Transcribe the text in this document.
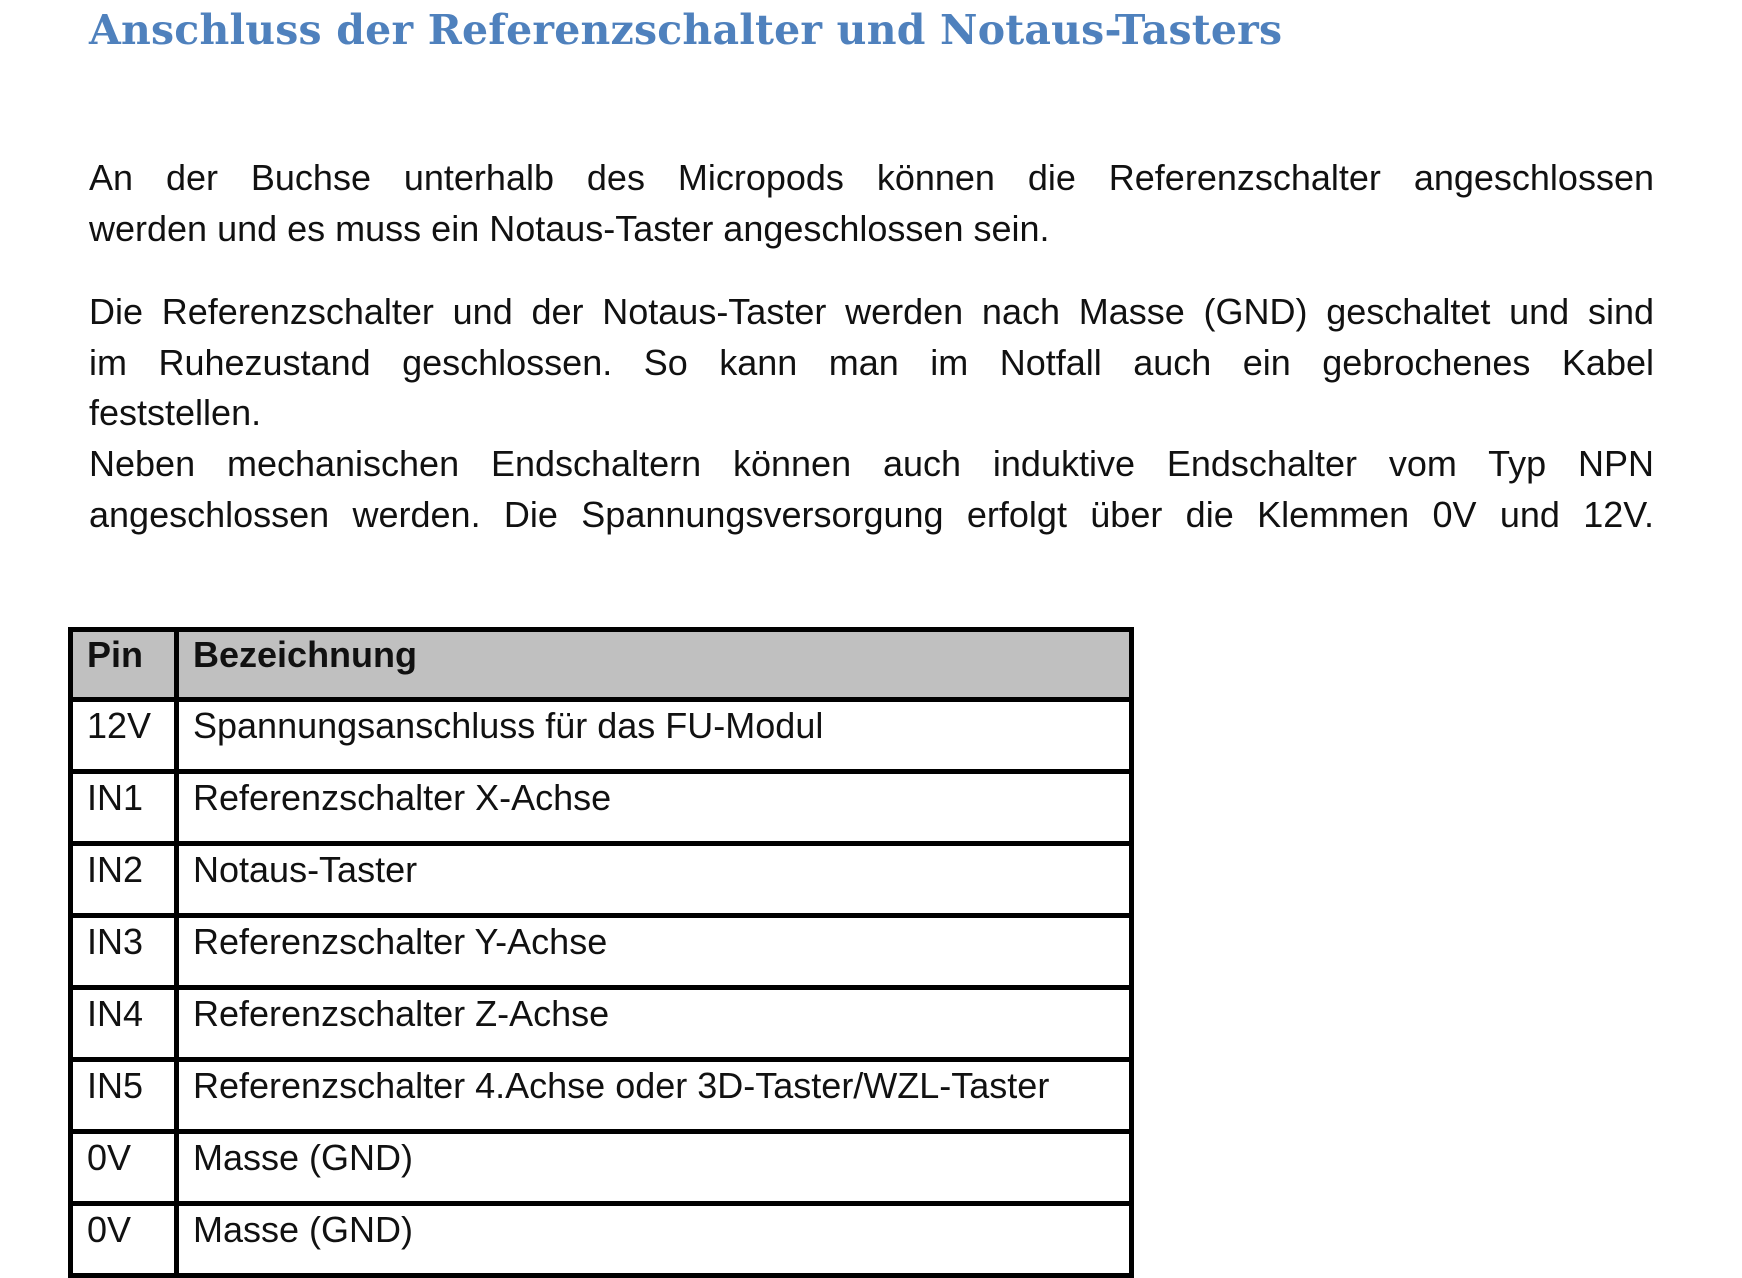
Anschluss der Referenzschalter und Notaus-Tasters

An der Buchse unterhalb des Micropods können die Referenzschalter angeschlossen
werden und es muss ein Notaus-Taster angeschlossen sein.

Die Referenzschalter und der Notaus-Taster werden nach Masse (GND) geschaltet und sind
im Ruhezustand geschlossen. So kann man im Notfall auch ein gebrochenes Kabel
feststellen.

Neben mechanischen Endschaltern können auch induktive Endschalter vom Typ NPN
angeschlossen werden. Die Spannungsversorgung erfolgt über die Klemmen 0V und 12V.

Pin	Bezeichnung
12V	Spannungsanschluss für das FU-Modul
IN1	Referenzschalter X-Achse
IN2	Notaus-Taster
IN3	Referenzschalter Y-Achse
IN4	Referenzschalter Z-Achse
IN5	Referenzschalter 4.Achse oder 3D-Taster/WZL-Taster
0V	Masse (GND)
0V	Masse (GND)
